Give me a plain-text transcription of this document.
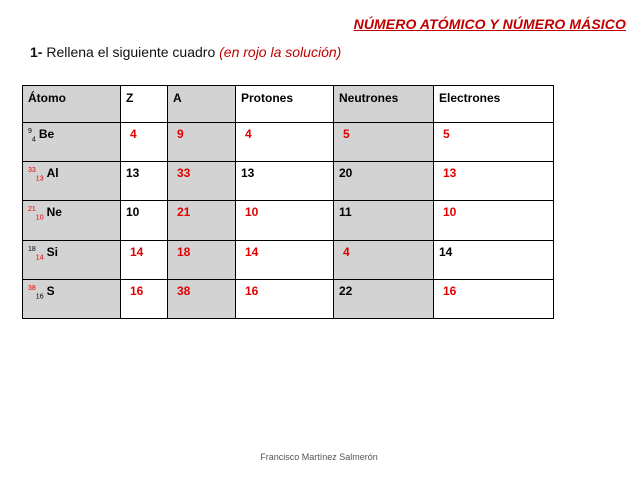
NÚMERO ATÓMICO Y NÚMERO MÁSICO
1- Rellena el siguiente cuadro (en rojo la solución)
Átomo	Z	A	Protones	Neutrones	Electrones
$^9_4$ Be	4	9	4	5	5
$^{33}_{13}$ Al	13	33	13	20	13
$^{21}_{10}$ Ne	10	21	10	11	10
$^{18}_{14}$ Si	14	18	14	4	14
$^{38}_{16}$ S	16	38	16	22	16
Francisco Martínez Salmerón
